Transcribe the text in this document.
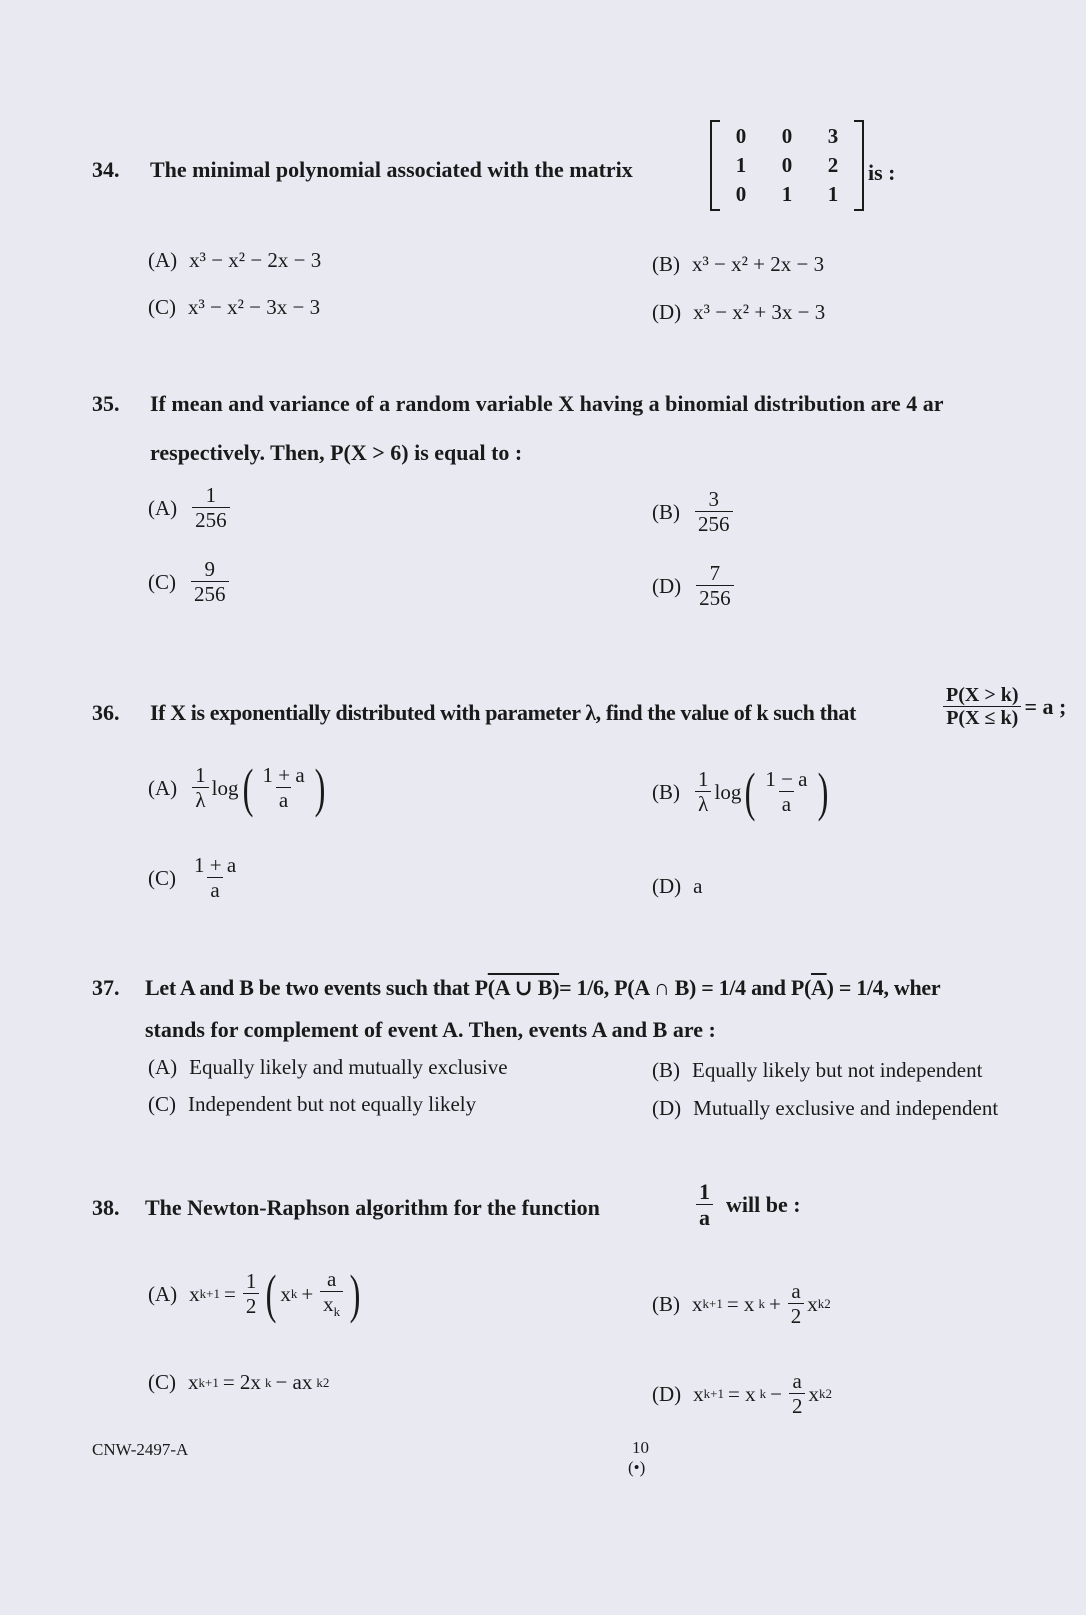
34. The minimal polynomial associated with the matrix
0	0	3
1	0	2
0	1	1
is :
(A) x³ − x² − 2x − 3	(B) x³ − x² + 2x − 3
(C) x³ − x² − 3x − 3	(D) x³ − x² + 3x − 3
35. If mean and variance of a random variable X having a binomial distribution are 4 ar
respectively. Then, P(X > 6) is equal to :
$(A) \frac{1}{256}$	$(B) \frac{3}{256}$
$(C) \frac{9}{256}$	$(D) \frac{7}{256}$
36. If X is exponentially distributed with parameter λ, find the value of k such that	$\frac{P(X > k)}{P(X \le k)} = a$ ;
$(A) \frac{1}{\lambda}$ log ( $\frac{1 + a}{a}$ )	$(B) \frac{1}{\lambda}$ log ( $\frac{1 - a}{a}$ )
$(C) \frac{1 + a}{a}$	(D) a
37. Let A and B be two events such that P(A ∪ B)= 1/6, P(A ∩ B) = 1/4 and $P(\overline{A}) = 1/4$, wher
stands for complement of event A. Then, events A and B are :
(A) Equally likely and mutually exclusive	(B) Equally likely but not independent
(C) Independent but not equally likely	(D) Mutually exclusive and independent
38. The Newton-Raphson algorithm for the function	$\frac{1}{a}$ will be :
(A) x $k+1 = \frac{1}{2}$ ( x $k + \frac{a}{x_k}$ )	(B) x k+1 = x $k + \frac{a}{2}$ x k 2
(C) x k+1 = 2x k − ax k 2	(D) x k+1 = x $k - \frac{a}{2}$ x k 2
CNW-2497-A	10
(•)
